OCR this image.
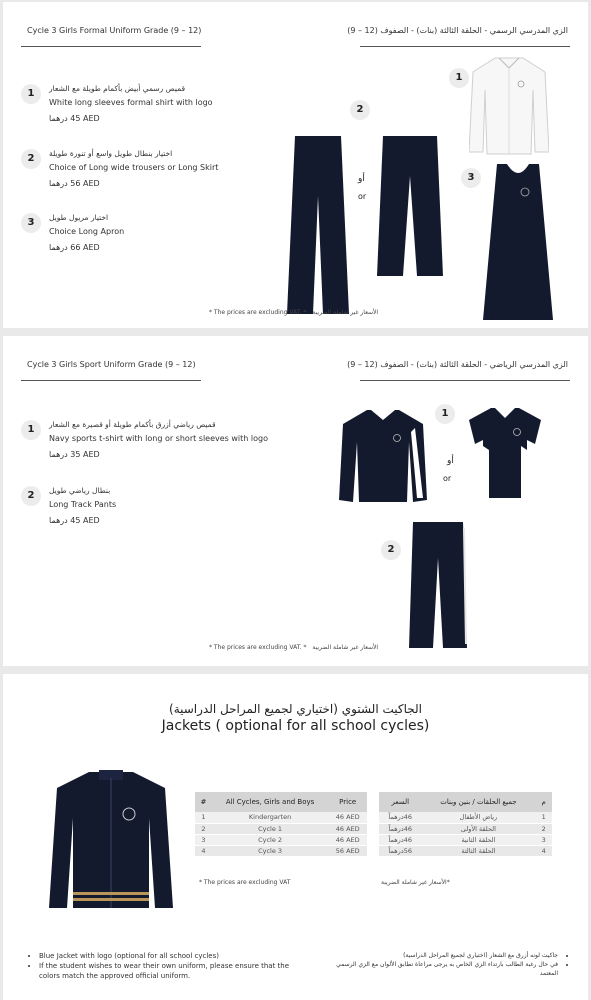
Cycle 3 Girls Formal Uniform Grade (9 – 12)	الزي المدرسي الرسمي - الحلقة الثالثة (بنات) - الصفوف (12 – 9)
1	قميص رسمي أبيض بأكمام طويلة مع الشعار
White long sleeves formal shirt with logo
درهما 45 AED
2	اختيار بنطال طويل واسع أو تنورة طويلة
Choice of Long wide trousers or Long Skirt
درهما 56 AED
3	اختيار مريول طويل
Choice Long Apron
درهما 66 AED
2
أو
or
1
3
* The prices are excluding VAT. * الأسعار غير شاملة الضريبة
Cycle 3 Girls Sport Uniform Grade (9 – 12)	الزي المدرسي الرياضي - الحلقة الثالثة (بنات) - الصفوف (12 – 9)
1	قميص رياضي أزرق بأكمام طويلة أو قصيرة مع الشعار
Navy sports t-shirt with long or short sleeves with logo
درهما 35 AED
2	بنطال رياضي طويل
Long Track Pants
درهما 45 AED
أو
or
1
2
* The prices are excluding VAT. * الأسعار غير شاملة الضريبة
الجاكيت الشتوي (اختياري لجميع المراحل الدراسية)
Jackets ( optional for all school cycles)
#	All Cycles, Girls and Boys	Price
1	Kindergarten	46 AED
2	Cycle 1	46 AED
3	Cycle 2	46 AED
4	Cycle 3	56 AED
م	جميع الحلقات / بنين وبنات	السعر
1	رياض الأطفال	46درهماً
2	الحلقة الأولى	46درهماً
3	الحلقة الثانية	46درهماً
4	الحلقة الثالثة	56درهماً
* The prices are excluding VAT	*الأسعار غير شاملة الضريبة
• Blue Jacket with logo (optional for all school cycles)
• If the student wishes to wear their own uniform, please ensure that the colors match the approved official uniform.
• جاكيت لونه أزرق مع الشعار (اختياري لجميع المراحل الدراسية)
• في حال رغبة الطالب بارتداء الزي الخاص به يرجى مراعاة تطابق الألوان مع الزي الرسمي المعتمد
